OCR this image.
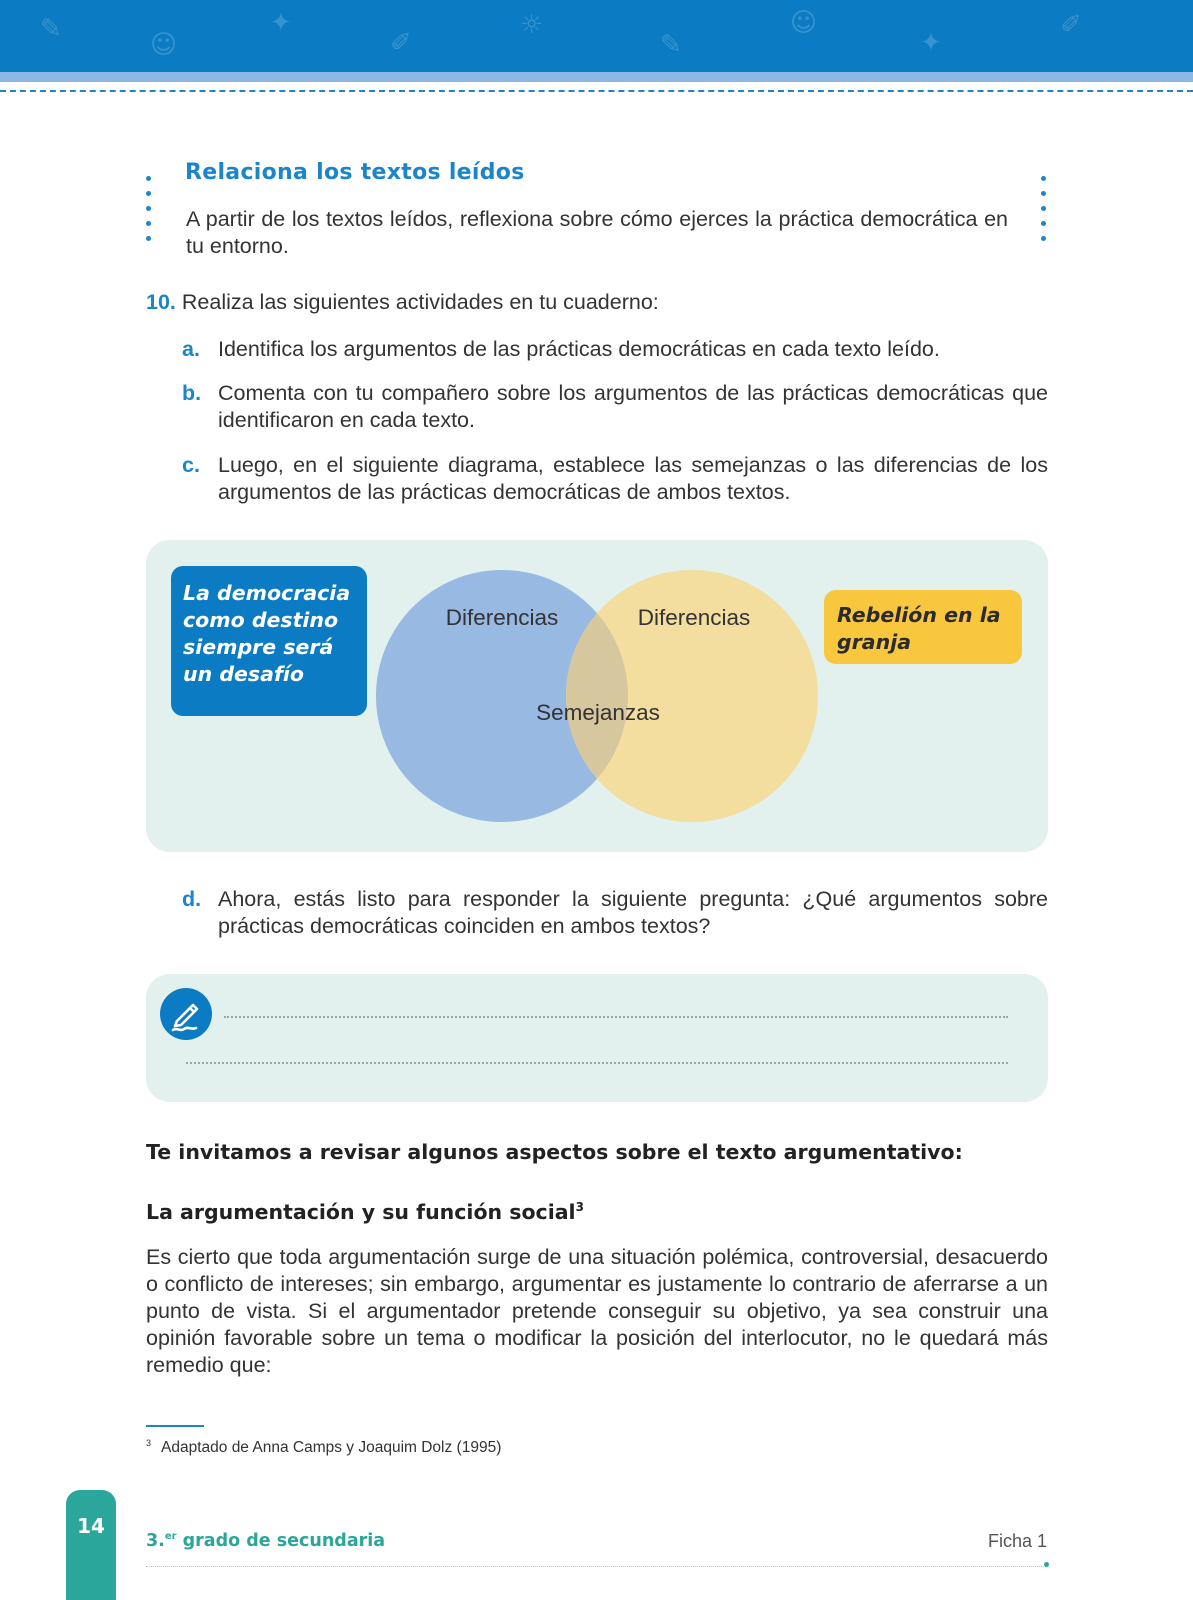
✎
☺
✦
✐
☼
✎
☺
✦
✐
Relaciona los textos leídos
A partir de los textos leídos, reflexiona sobre cómo ejerces la práctica democrática en tu entorno.
10. Realiza las siguientes actividades en tu cuaderno:
a. Identifica los argumentos de las prácticas democráticas en cada texto leído.
b. Comenta con tu compañero sobre los argumentos de las prácticas democráticas que identificaron en cada texto.
c. Luego, en el siguiente diagrama, establece las semejanzas o las diferencias de los argumentos de las prácticas democráticas de ambos textos.
La democracia como destino siempre será un desafío
Rebelión en la granja
Diferencias	Diferencias
Semejanzas
d. Ahora, estás listo para responder la siguiente pregunta: ¿Qué argumentos sobre prácticas democráticas coinciden en ambos textos?
Te invitamos a revisar algunos aspectos sobre el texto argumentativo:
La argumentación y su función social$^3$
Es cierto que toda argumentación surge de una situación polémica, controversial, desacuerdo o conflicto de intereses; sin embargo, argumentar es justamente lo contrario de aferrarse a un punto de vista. Si el argumentador pretende conseguir su objetivo, ya sea construir una opinión favorable sobre un tema o modificar la posición del interlocutor, no le quedará más remedio que:
$^3$ Adaptado de Anna Camps y Joaquim Dolz (1995)
14
3.$^{er}$ grado de secundaria	Ficha 1
